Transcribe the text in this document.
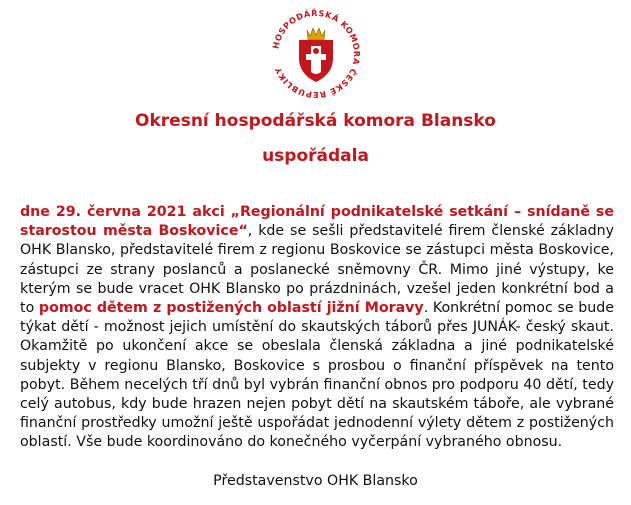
HOSPODÁŘSKÁ KOMORA ČESKÉ REPUBLIKY
Okresní hospodářská komora Blansko
uspořádala
dne 29. června 2021 akci „Regionální podnikatelské setkání – snídaně se starostou města Boskovice“, kde se sešli představitelé firem členské základny OHK Blansko, představitelé firem z regionu Boskovice se zástupci města Boskovice, zástupci ze strany poslanců a poslanecké sněmovny ČR. Mimo jiné výstupy, ke kterým se bude vracet OHK Blansko po prázdninách, vzešel jeden konkrétní bod a to pomoc dětem z postižených oblastí jižní Moravy. Konkrétní pomoc se bude týkat dětí - možnost jejich umístění do skautských táborů přes JUNÁK- český skaut. Okamžitě po ukončení akce se obeslala členská základna a jiné podnikatelské subjekty v regionu Blansko, Boskovice s prosbou o finanční příspěvek na tento pobyt. Během necelých tří dnů byl vybrán finanční obnos pro podporu 40 dětí, tedy celý autobus, kdy bude hrazen nejen pobyt dětí na skautském táboře, ale vybrané finanční prostředky umožní ještě uspořádat jednodenní výlety dětem z postižených oblastí. Vše bude koordinováno do konečného vyčerpání vybraného obnosu.
Představenstvo OHK Blansko
